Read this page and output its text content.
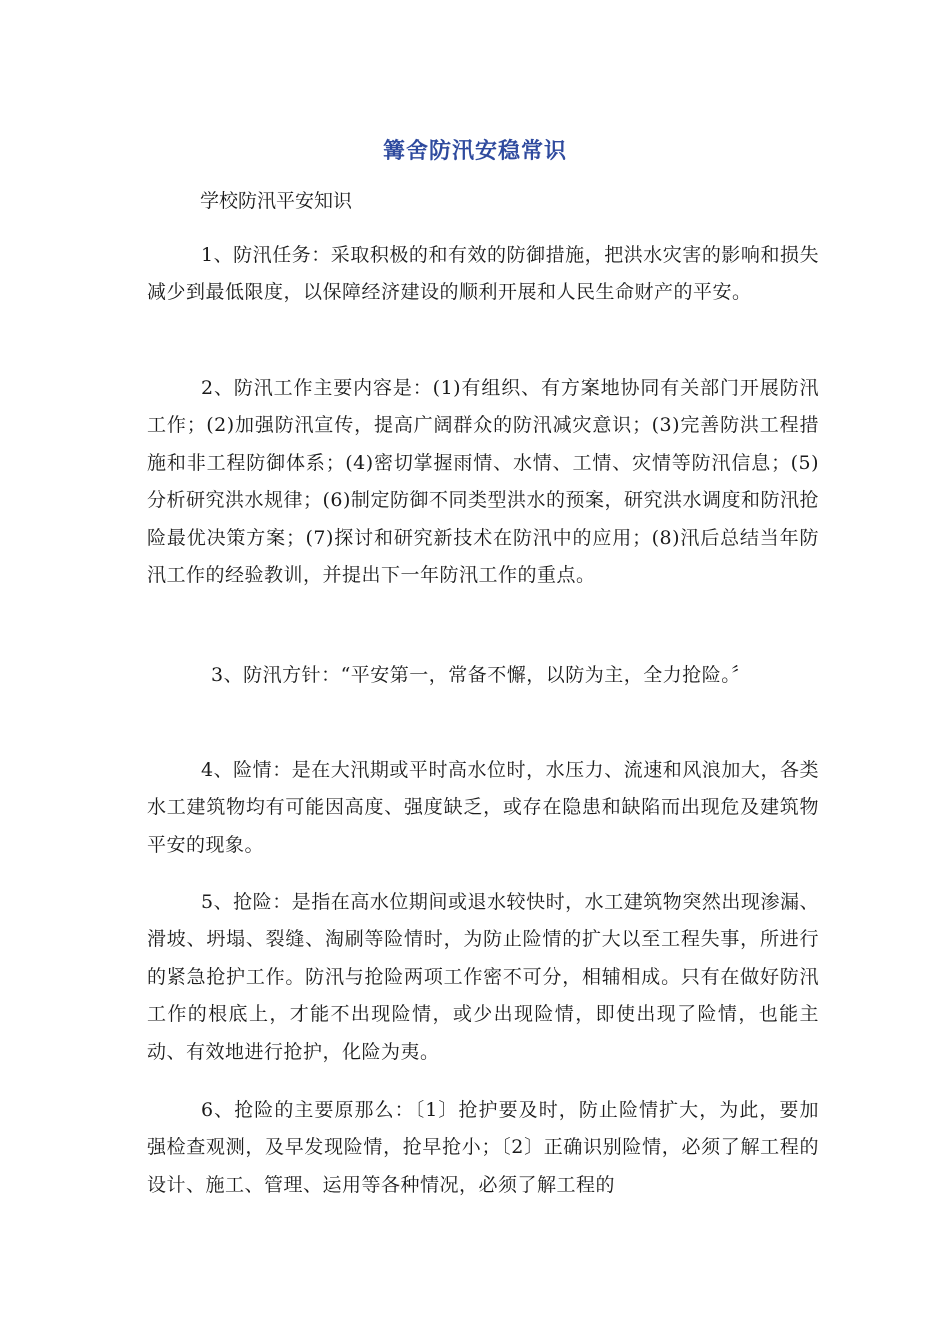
篝舍防汛安稳常识
学校防汛平安知识
1、防汛任务：采取积极的和有效的防御措施，把洪水灾害的影响和损失减少到最低限度，以保障经济建设的顺利开展和人民生命财产的平安。
2、防汛工作主要内容是：(1)有组织、有方案地协同有关部门开展防汛工作；(2)加强防汛宣传，提高广阔群众的防汛减灾意识；(3)完善防洪工程措施和非工程防御体系；(4)密切掌握雨情、水情、工情、灾情等防汛信息；(5)分析研究洪水规律；(6)制定防御不同类型洪水的预案，研究洪水调度和防汛抢险最优决策方案；(7)探讨和研究新技术在防汛中的应用；(8)汛后总结当年防汛工作的经验教训，并提出下一年防汛工作的重点。
3、防汛方针：“平安第一，常备不懈，以防为主，全力抢险。〞
4、险情：是在大汛期或平时高水位时，水压力、流速和风浪加大，各类水工建筑物均有可能因高度、强度缺乏，或存在隐患和缺陷而出现危及建筑物平安的现象。
5、抢险：是指在高水位期间或退水较快时，水工建筑物突然出现渗漏、滑坡、坍塌、裂缝、淘刷等险情时，为防止险情的扩大以至工程失事，所进行的紧急抢护工作。防汛与抢险两项工作密不可分，相辅相成。只有在做好防汛工作的根底上，才能不出现险情，或少出现险情，即使出现了险情，也能主动、有效地进行抢护，化险为夷。
6、抢险的主要原那么：〔1〕抢护要及时，防止险情扩大，为此，要加强检查观测，及早发现险情，抢早抢小；〔2〕正确识别险情，必须了解工程的设计、施工、管理、运用等各种情况，必须了解工程的
